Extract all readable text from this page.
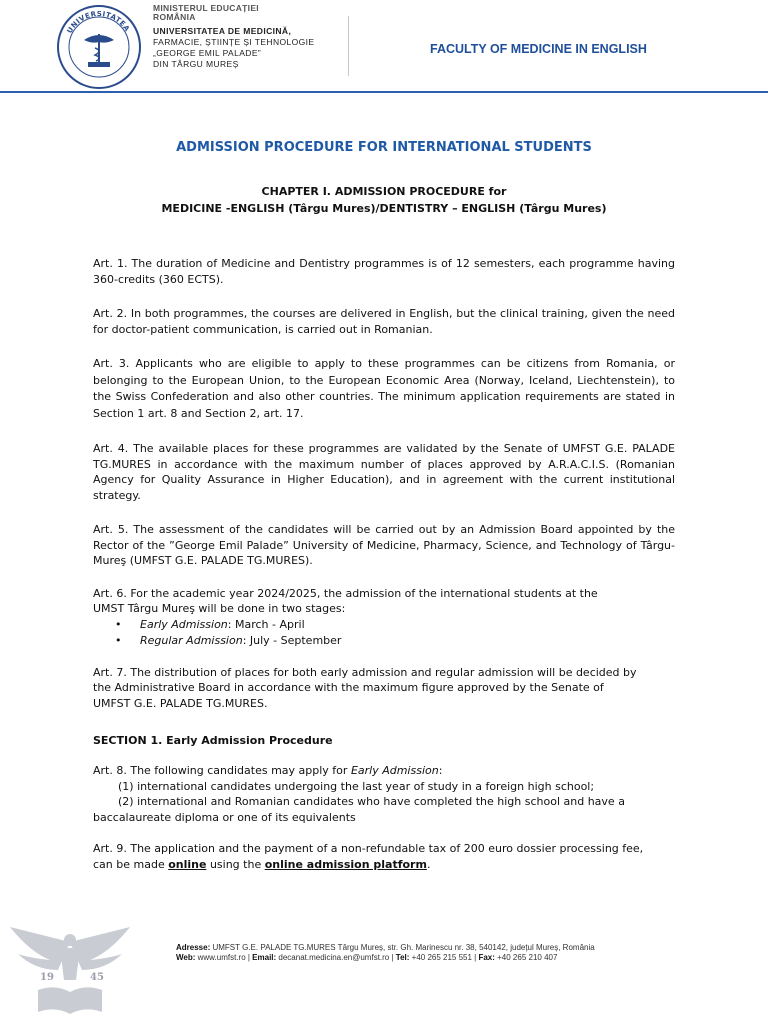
UNIVERSITATEA
MINISTERUL EDUCAȚIEI
ROMÂNIA
UNIVERSITATEA DE MEDICINĂ,
FARMACIE, ȘTIINȚE ȘI TEHNOLOGIE
„GEORGE EMIL PALADE”
DIN TÂRGU MUREȘ
FACULTY OF MEDICINE IN ENGLISH
ADMISSION PROCEDURE FOR INTERNATIONAL STUDENTS
CHAPTER I. ADMISSION PROCEDURE for
MEDICINE -ENGLISH (Târgu Mures)/DENTISTRY – ENGLISH (Târgu Mures)

Art. 1. The duration of Medicine and Dentistry programmes is of 12 semesters, each programme having 360-credits (360 ECTS).

Art. 2. In both programmes, the courses are delivered in English, but the clinical training, given the need for doctor-patient communication, is carried out in Romanian.

Art. 3. Applicants who are eligible to apply to these programmes can be citizens from Romania, or belonging to the European Union, to the European Economic Area (Norway, Iceland, Liechtenstein), to the Swiss Confederation and also other countries. The minimum application requirements are stated in Section 1 art. 8 and Section 2, art. 17.

Art. 4. The available places for these programmes are validated by the Senate of UMFST G.E. PALADE TG.MURES in accordance with the maximum number of places approved by A.R.A.C.I.S. (Romanian Agency for Quality Assurance in Higher Education), and in agreement with the current institutional strategy.

Art. 5. The assessment of the candidates will be carried out by an Admission Board appointed by the Rector of the ”George Emil Palade” University of Medicine, Pharmacy, Science, and Technology of Târgu-Mureş (UMFST G.E. PALADE TG.MURES).

Art. 6. For the academic year 2024/2025, the admission of the international students at the

UMST Târgu Mureş will be done in two stages:

•	Early Admission: March - April
•	Regular Admission: July - September

Art. 7. The distribution of places for both early admission and regular admission will be decided by

the Administrative Board in accordance with the maximum figure approved by the Senate of

UMFST G.E. PALADE TG.MURES.

SECTION 1. Early Admission Procedure

Art. 8. The following candidates may apply for Early Admission:

(1) international candidates undergoing the last year of study in a foreign high school;

(2) international and Romanian candidates who have completed the high school and have a

baccalaureate diploma or one of its equivalents

Art. 9. The application and the payment of a non-refundable tax of 200 euro dossier processing fee,

can be made online using the online admission platform.

19	45
Adresse: UMFST G.E. PALADE TG.MURES Târgu Mureș, str. Gh. Marinescu nr. 38, 540142, județul Mureș, România
Web: www.umfst.ro | Email: decanat.medicina.en@umfst.ro | Tel: +40 265 215 551 | Fax: +40 265 210 407
